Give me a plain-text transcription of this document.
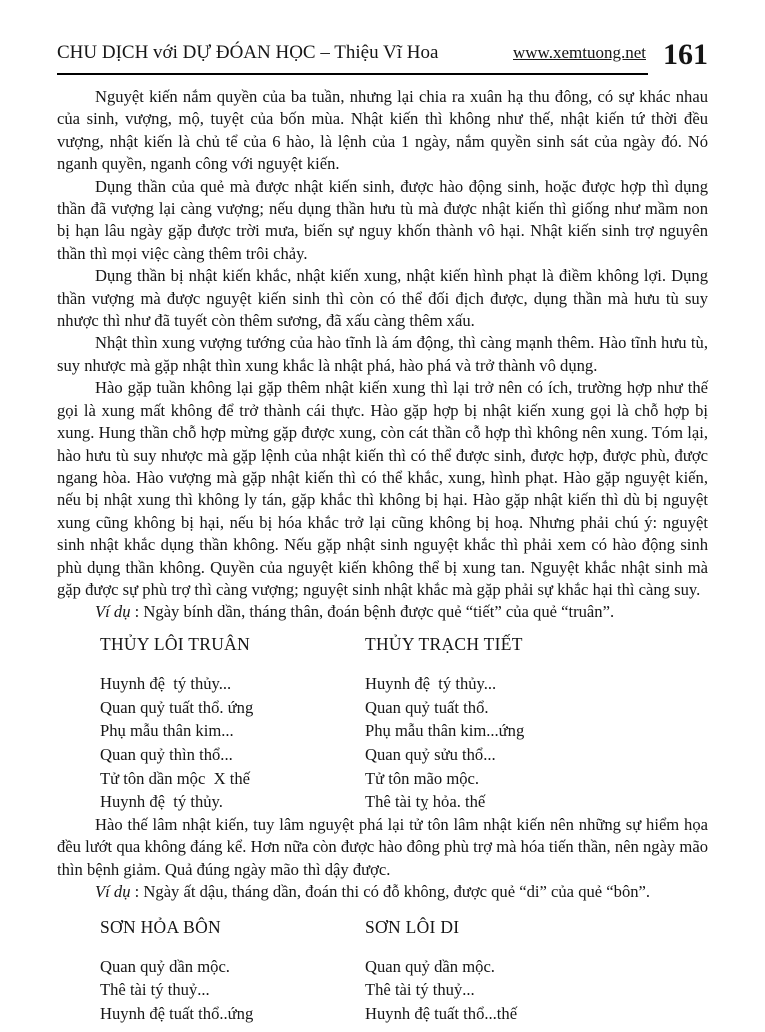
CHU DỊCH với DỰ ĐÓAN HỌC – Thiệu Vĩ Hoa	www.xemtuong.net 161

Nguyệt kiến nắm quyền của ba tuần, nhưng lại chia ra xuân hạ thu đông, có sự khác nhau của sinh, vượng, mộ, tuyệt của bốn mùa. Nhật kiến thì không như thế, nhật kiến tứ thời đều vượng, nhật kiến là chủ tể của 6 hào, là lệnh của 1 ngày, nắm quyền sinh sát của ngày đó. Nó nganh quyền, nganh công với nguyệt kiến.

Dụng thần của quẻ mà được nhật kiến sinh, được hào động sinh, hoặc được hợp thì dụng thần đã vượng lại càng vượng; nếu dụng thần hưu tù mà được nhật kiến thì giống như mầm non bị hạn lâu ngày gặp được trời mưa, biến sự nguy khốn thành vô hại. Nhật kiến sinh trợ nguyên thần thì mọi việc càng thêm trôi chảy.

Dụng thần bị nhật kiến khắc, nhật kiến xung, nhật kiến hình phạt là điềm không lợi. Dụng thần vượng mà được nguyệt kiến sinh thì còn có thể đối địch được, dụng thần mà hưu tù suy nhược thì như đã tuyết còn thêm sương, đã xấu càng thêm xấu.

Nhật thìn xung vượng tướng của hào tĩnh là ám động, thì càng mạnh thêm. Hào tĩnh hưu tù, suy nhược mà gặp nhật thìn xung khắc là nhật phá, hào phá và trở thành vô dụng.

Hào gặp tuần không lại gặp thêm nhật kiến xung thì lại trở nên có ích, trường hợp như thế gọi là xung mất không để trở thành cái thực. Hào gặp hợp bị nhật kiến xung gọi là chỗ hợp bị xung. Hung thần chỗ hợp mừng gặp được xung, còn cát thần cỗ hợp thì không nên xung. Tóm lại, hào hưu tù suy nhược mà gặp lệnh của nhật kiến thì có thể được sinh, được hợp, được phù, được ngang hòa. Hào vượng mà gặp nhật kiến thì có thể khắc, xung, hình phạt. Hào gặp nguyệt kiến, nếu bị nhật xung thì không ly tán, gặp khắc thì không bị hại. Hào gặp nhật kiến thì dù bị nguyệt xung cũng không bị hại, nếu bị hóa khắc trở lại cũng không bị hoạ. Nhưng phải chú ý: nguyệt sinh nhật khắc dụng thần không. Nếu gặp nhật sinh nguyệt khắc thì phải xem có hào động sinh phù dụng thần không. Quyền của nguyệt kiến không thể bị xung tan. Nguyệt khắc nhật sinh mà gặp được sự phù trợ thì càng vượng; nguyệt sinh nhật khắc mà gặp phải sự khắc hại thì càng suy.

Ví dụ : Ngày bính dần, tháng thân, đoán bệnh được quẻ “tiết” của quẻ “truân”.

THỦY LÔI TRUÂN
Huynh đệ  tý thủy...
Quan quỷ tuất thổ. ứng
Phụ mẫu thân kim...
Quan quỷ thìn thổ...
Tử tôn dần mộc  X thế
Huynh đệ  tý thủy.
THỦY TRẠCH TIẾT
Huynh đệ  tý thủy...
Quan quỷ tuất thổ.
Phụ mẫu thân kim...ứng
Quan quỷ sửu thổ...
Tử tôn mão mộc.
Thê tài tỵ hỏa. thế

Hào thế lâm nhật kiến, tuy lâm nguyệt phá lại tử tôn lâm nhật kiến nên những sự hiểm họa đều lướt qua không đáng kể. Hơn nữa còn được hào đông phù trợ mà hóa tiến thần, nên ngày mão thìn bệnh giảm. Quả đúng ngày mão thì dậy được.

Ví dụ : Ngày ất dậu, tháng dần, đoán thi có đỗ không, được quẻ “di” của quẻ “bôn”.

SƠN HỎA BÔN
Quan quỷ dần mộc.
Thê tài tý thuỷ...
Huynh đệ tuất thổ..ứng
SƠN LÔI DI
Quan quỷ dần mộc.
Thê tài tý thuỷ...
Huynh đệ tuất thổ...thế
